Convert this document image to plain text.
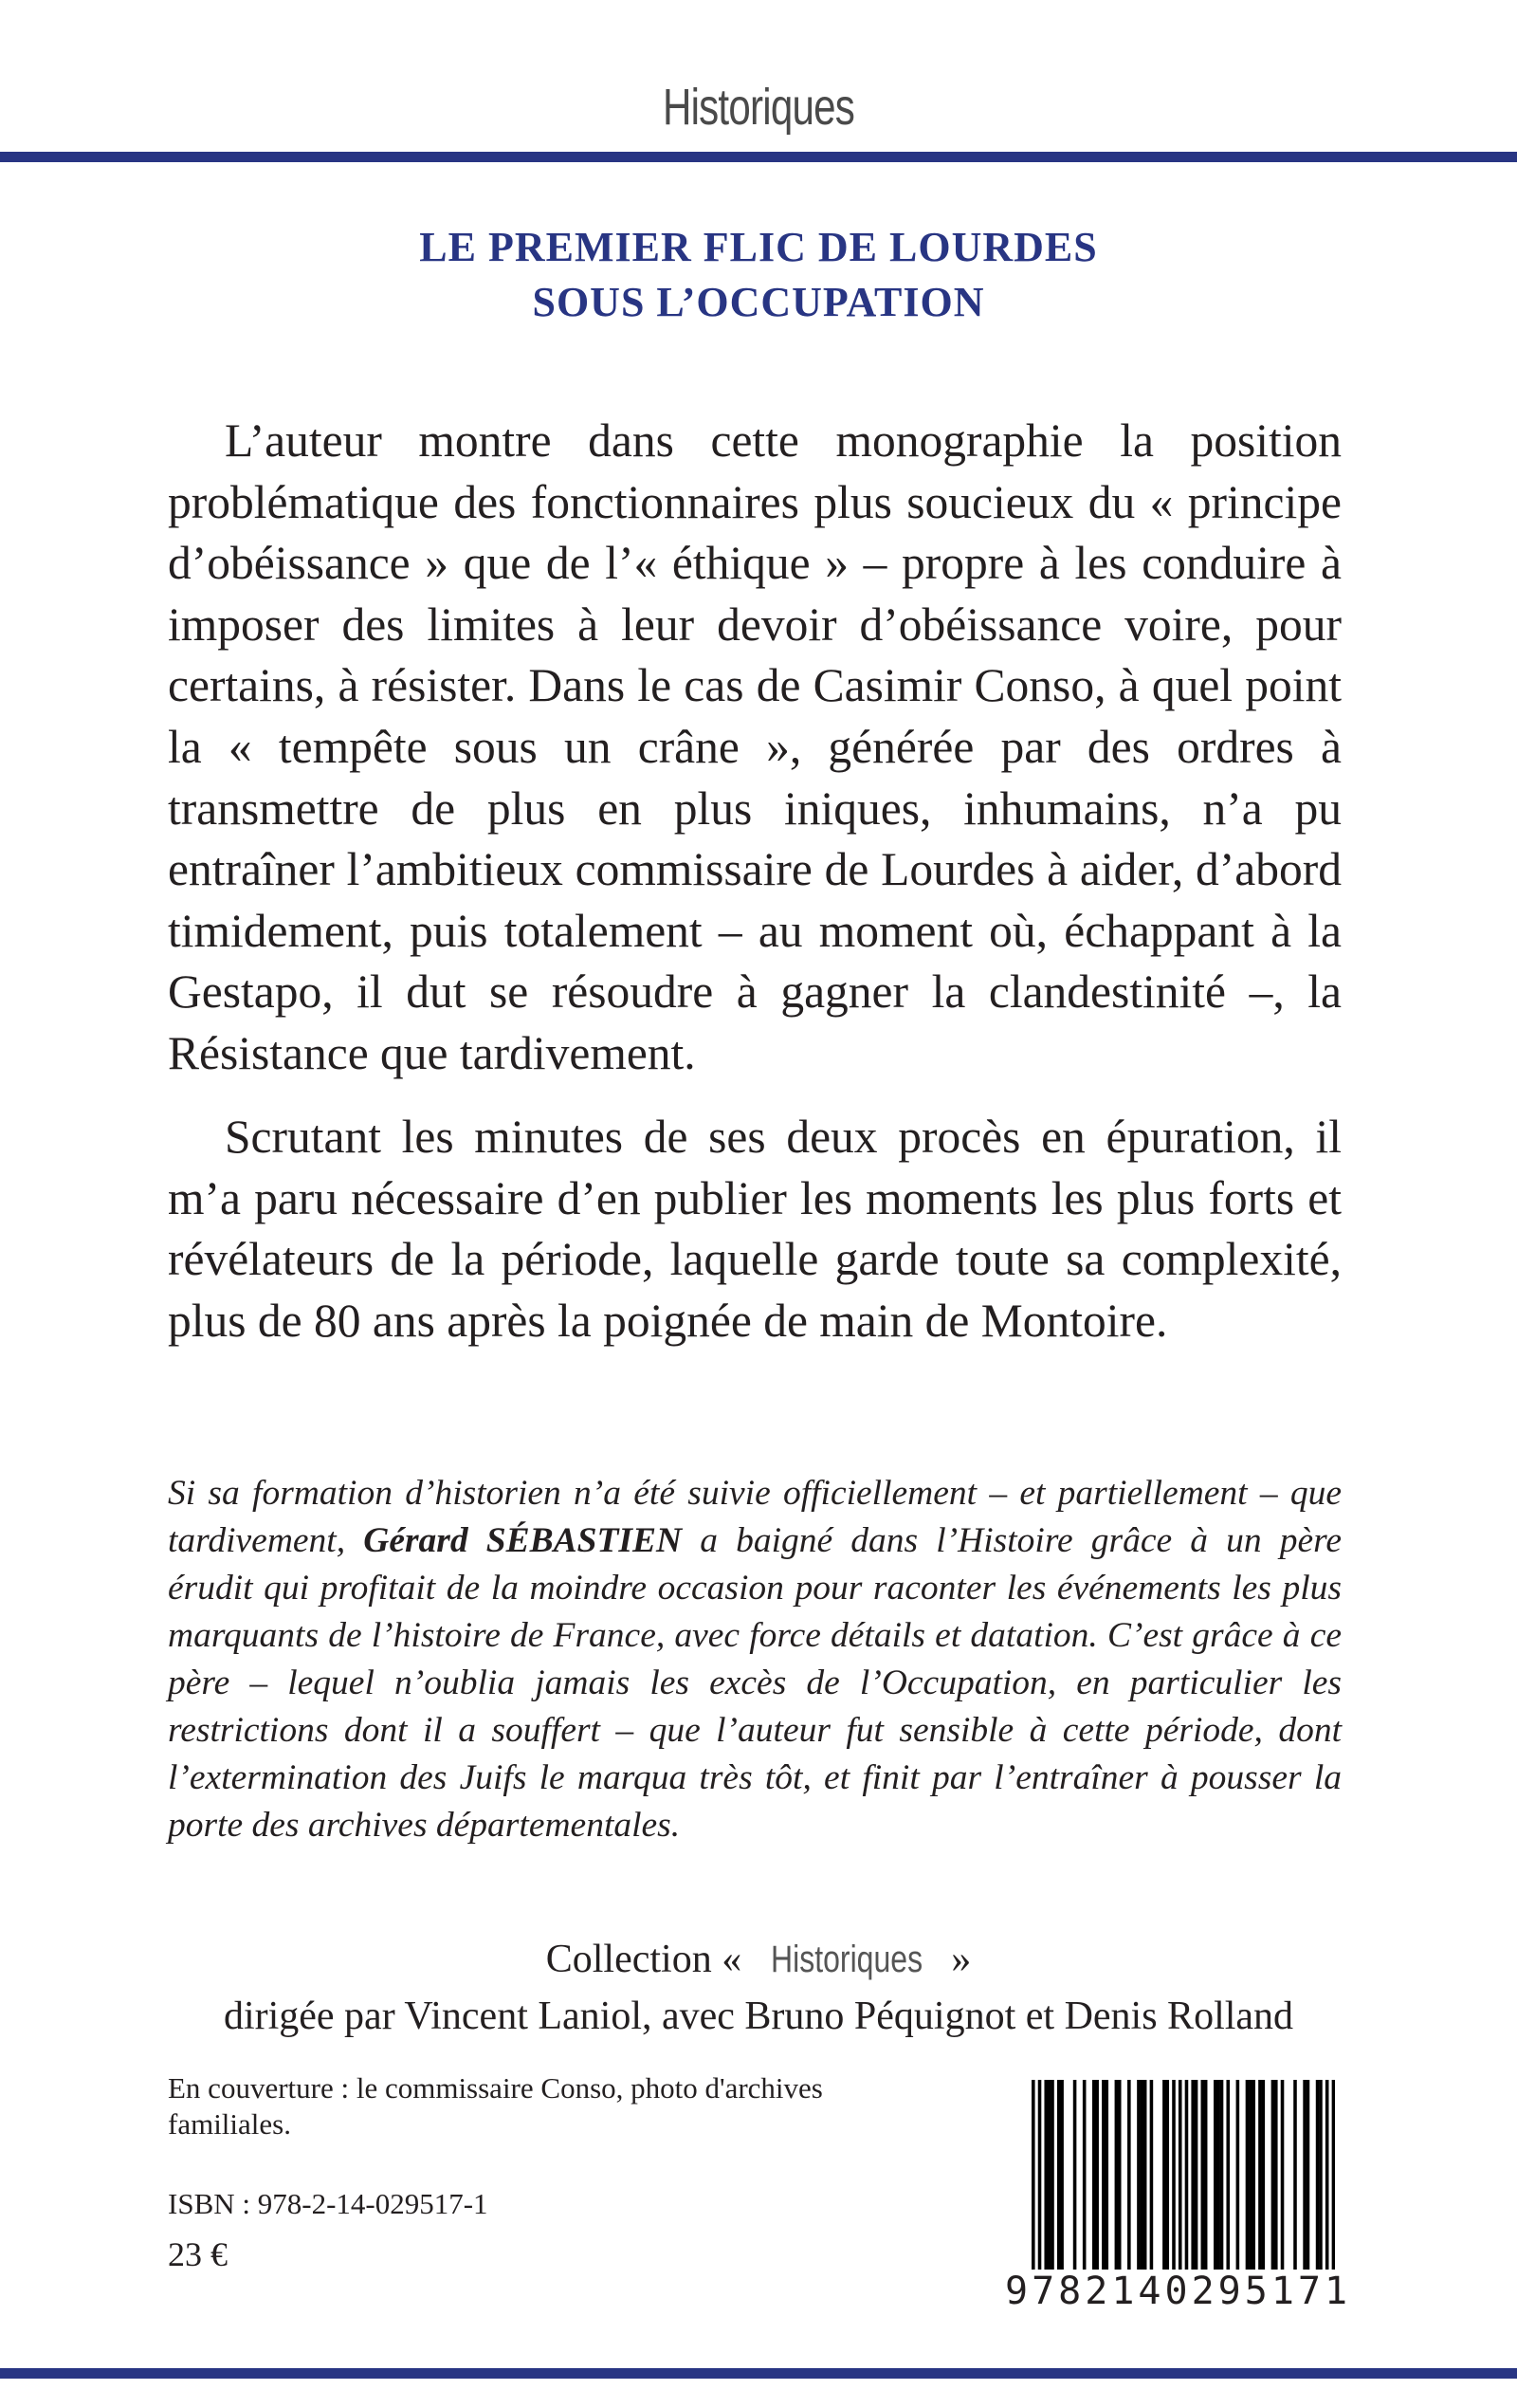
Historiques
LE PREMIER FLIC DE LOURDES
SOUS L’OCCUPATION

L’auteur montre dans cette monographie la position problématique des fonctionnaires plus soucieux du « principe d’obéissance » que de l’« éthique » – propre à les conduire à imposer des limites à leur devoir d’obéissance voire, pour certains, à résister. Dans le cas de Casimir Conso, à quel point la « tempête sous un crâne », générée par des ordres à transmettre de plus en plus iniques, inhumains, n’a pu entraîner l’ambitieux commissaire de Lourdes à aider, d’abord timidement, puis totalement – au moment où, échappant à la Gestapo, il dut se résoudre à gagner la clandestinité –, la Résistance que tardivement.

Scrutant les minutes de ses deux procès en épuration, il m’a paru nécessaire d’en publier les moments les plus forts et révélateurs de la période, laquelle garde toute sa complexité, plus de 80 ans après la poignée de main de Montoire.

Si sa formation d’historien n’a été suivie officiellement – et partiellement – que tardivement, Gérard SÉBASTIEN a baigné dans l’Histoire grâce à un père érudit qui profitait de la moindre occasion pour raconter les événements les plus marquants de l’histoire de France, avec force détails et datation. C’est grâce à ce père – lequel n’oublia jamais les excès de l’Occupation, en particulier les restrictions dont il a souffert – que l’auteur fut sensible à cette période, dont l’extermination des Juifs le marqua très tôt, et finit par l’entraîner à pousser la porte des archives départementales.

Collection « Historiques »
dirigée par Vincent Laniol, avec Bruno Péquignot et Denis Rolland
En couverture : le commissaire Conso, photo d'archives familiales.
ISBN : 978-2-14-029517-1
23 €
9782140295171
